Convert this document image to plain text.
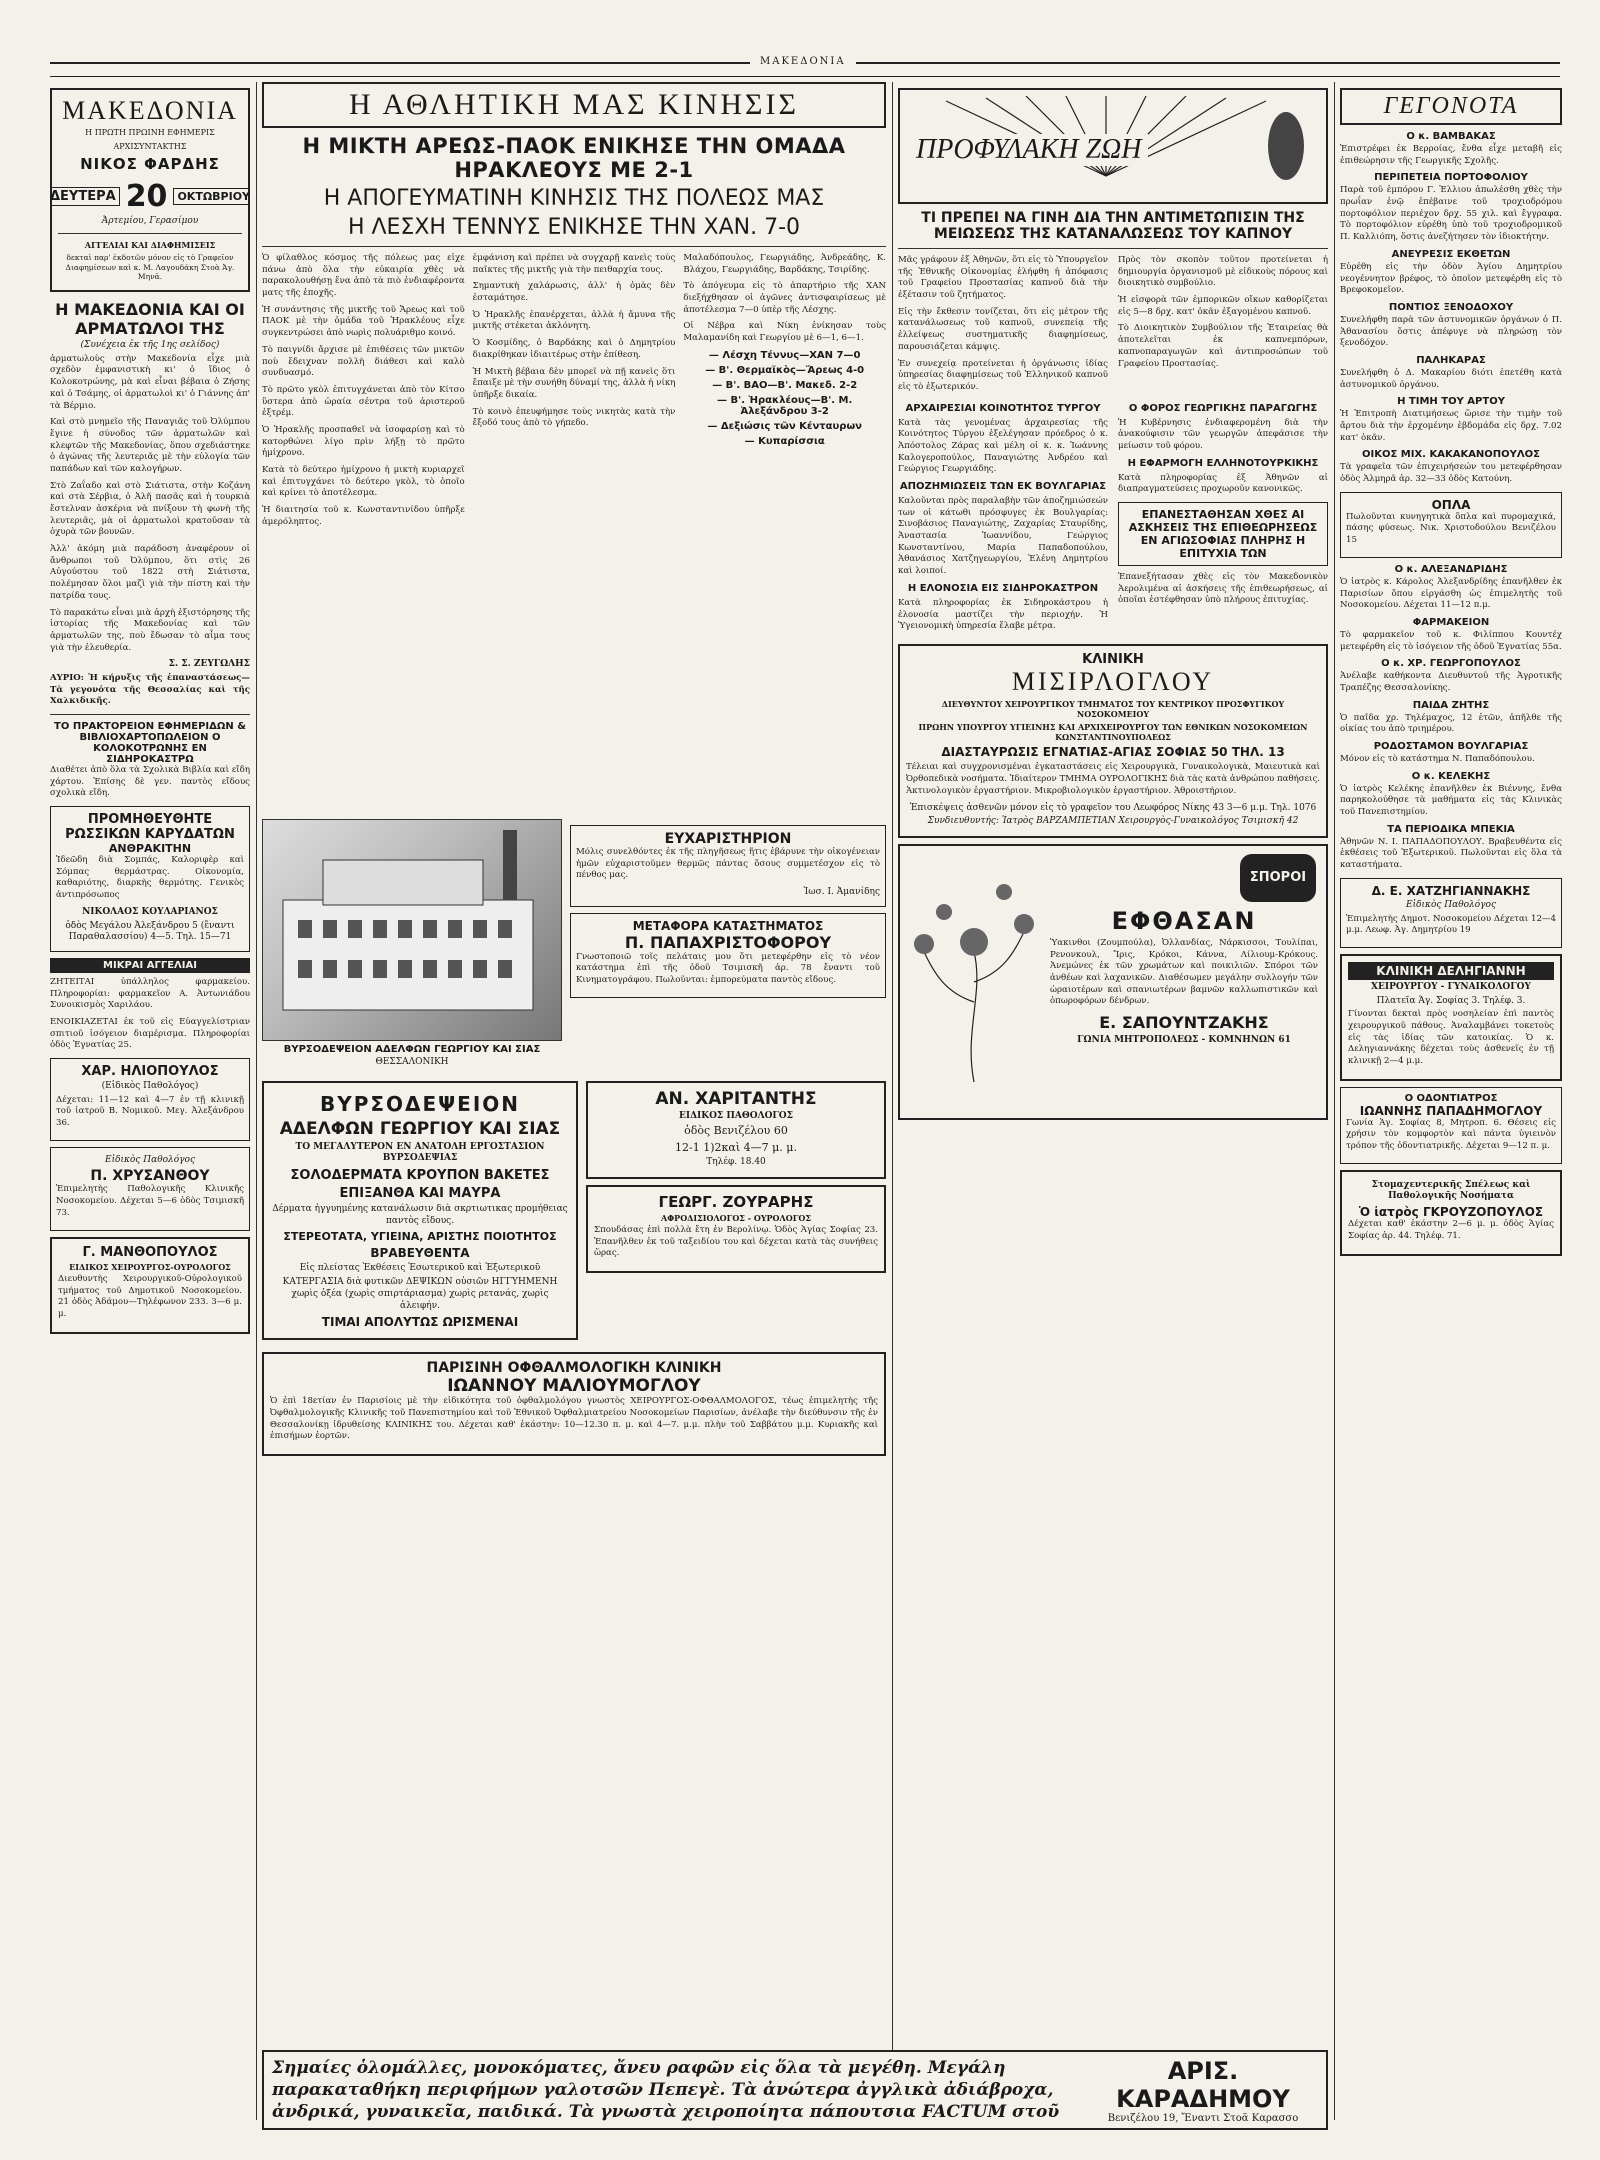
ΜΑΚΕΔΟΝΙΑ
ΜΑΚΕΔΟΝΙΑ
Η ΠΡΩΤΗ ΠΡΩΙΝΗ ΕΦΗΜΕΡΙΣ
ΑΡΧΙΣΥΝΤΑΚΤΗΣ
ΝΙΚΟΣ ΦΑΡΔΗΣ
ΔΕΥΤΕΡΑ 20 ΟΚΤΩΒΡΙΟΥ
Ἀρτεμίου, Γερασίμου
ΑΓΓΕΛΙΑΙ ΚΑΙ ΔΙΑΦΗΜΙΣΕΙΣ
δεκταὶ παρ' ἐκδοτῶν μόνον εἰς τὸ Γραφεῖον Διαφημίσεων καὶ κ. Μ. Λαγουδάκη Στοὰ Ἀγ. Μηνᾶ.
Η ΜΑΚΕΔΟΝΙΑ ΚΑΙ ΟΙ ΑΡΜΑΤΩΛΟΙ ΤΗΣ
(Συνέχεια ἐκ τῆς 1ης σελίδος)
ἀρματωλοὺς στὴν Μακεδονία εἶχε μιὰ σχεδὸν ἐμφανιστικὴ κι' ὁ ἴδιος ὁ Κολοκοτρώνης, μὰ καὶ εἶναι βέβαια ὁ Ζήσης καὶ ὁ Τσάμης, οἱ ἀρματωλοὶ κι' ὁ Γιάννης ἀπ' τὰ Βέρμιο.
Καὶ στὸ μνημεῖο τῆς Παναγιᾶς τοῦ Ὀλύμπου ἔγινε ἡ σύνοδος τῶν ἀρματωλῶν καὶ κλεφτῶν τῆς Μακεδονίας, ὅπου σχεδιάστηκε ὁ ἀγώνας τῆς λευτεριᾶς μὲ τὴν εὐλογία τῶν παπάδων καὶ τῶν καλογήρων.
Στὸ Ζαΐαδο καὶ στὸ Σιάτιστα, στὴν Κοζάνη καὶ στὰ Σέρβια, ὁ Ἀλῆ πασᾶς καὶ ἡ τουρκιὰ ἔστελναν ἀσκέρια νὰ πνίξουν τὴ φωνὴ τῆς λευτεριᾶς, μὰ οἱ ἀρματωλοὶ κρατοῦσαν τὰ ὀχυρὰ τῶν βουνῶν.
Ἀλλ' ἀκόμη μιὰ παράδοση ἀναφέρουν οἱ ἄνθρωποι τοῦ Ὀλύμπου, ὅτι στὶς 26 Αὐγούστου τοῦ 1822 στὴ Σιάτιστα, πολέμησαν ὅλοι μαζὶ γιὰ τὴν πίστη καὶ τὴν πατρίδα τους.
Τὸ παρακάτω εἶναι μιὰ ἀρχὴ ἐξιστόρησης τῆς ἱστορίας τῆς Μακεδονίας καὶ τῶν ἀρματωλῶν της, ποὺ ἔδωσαν τὸ αἷμα τους γιὰ τὴν ἐλευθερία.
Σ. Σ. ΖΕΥΓΩΛΗΣ
ΑΥΡΙΟ: Ἡ κήρυξις τῆς ἐπαναστάσεως—Τὰ γεγονότα τῆς Θεσσαλίας καὶ τῆς Χαλκιδικῆς.
ΤΟ ΠΡΑΚΤΟΡΕΙΟΝ ΕΦΗΜΕΡΙΔΩΝ & ΒΙΒΛΙΟΧΑΡΤΟΠΩΛΕΙΟΝ Ο ΚΟΛΟΚΟΤΡΩΝΗΣ ΕΝ ΣΙΔΗΡΟΚΑΣΤΡΩ
Διαθέτει ἀπὸ ὅλα τὰ Σχολικὰ Βιβλία καὶ εἴδη χάρτου. Ἐπίσης δὲ γεν. παντὸς εἴδους σχολικὰ εἴδη.
ΠΡΟΜΗΘΕΥΘΗΤΕ ΡΩΣΣΙΚΩΝ ΚΑΡΥΔΑΤΩΝ
ΑΝΘΡΑΚΙΤΗΝ
Ἰδεῶδη διὰ Σομπάς, Καλοριφὲρ καὶ Σόμπας θερμάστρας. Οἰκονομία, καθαριότης, διαρκὴς θερμότης. Γενικὸς ἀντιπρόσωπος
ΝΙΚΟΛΑΟΣ ΚΟΥΛΑΡΙΑΝΟΣ
ὁδὸς Μεγάλου Ἀλεξάνδρου 5 (ἔναντι Παραθαλασσίου) 4—5. Τηλ. 15—71
ΜΙΚΡΑΙ ΑΓΓΕΛΙΑΙ
ΖΗΤΕΙΤΑΙ ὑπάλληλος φαρμακείου. Πληροφορίαι: φαρμακεῖον Α. Ἀντωνιάδου Συνοικισμὸς Χαριλάου.
ΕΝΟΙΚΙΑΖΕΤΑΙ ἐκ τοῦ εἰς Εὐαγγελίστριαν σπιτιοῦ ἰσόγειον διαμέρισμα. Πληροφορίαι ὁδὸς Ἐγνατίας 25.
ΧΑΡ. ΗΛΙΟΠΟΥΛΟΣ
(Εἰδικὸς Παθολόγος)
Δέχεται: 11—12 καὶ 4—7 ἐν τῇ κλινικῇ τοῦ ἰατροῦ Β. Νομικοῦ. Μεγ. Ἀλεξάνδρου 36.
Εἰδικὸς Παθολόγος
Π. ΧΡΥΣΑΝΘΟΥ
Ἐπιμελητὴς Παθολογικῆς Κλινικῆς Νοσοκομείου. Δέχεται 5—6 ὁδὸς Τσιμισκῆ 73.
Γ. ΜΑΝΘΟΠΟΥΛΟΣ
ΕΙΔΙΚΟΣ ΧΕΙΡΟΥΡΓΟΣ-ΟΥΡΟΛΟΓΟΣ
Διευθυντὴς Χειρουργικοῦ-Οὐρολογικοῦ τμήματος τοῦ Δημοτικοῦ Νοσοκομείου. 21 ὁδὸς Ἀδάμου—Τηλέφωνον 233. 3—6 μ. μ.
Η ΑΘΛΗΤΙΚΗ ΜΑΣ ΚΙΝΗΣΙΣ
Η ΜΙΚΤΗ ΑΡΕΩΣ-ΠΑΟΚ ΕΝΙΚΗΣΕ ΤΗΝ ΟΜΑΔΑ ΗΡΑΚΛΕΟΥΣ ΜΕ 2-1
Η ΑΠΟΓΕΥΜΑΤΙΝΗ ΚΙΝΗΣΙΣ ΤΗΣ ΠΟΛΕΩΣ ΜΑΣ
Η ΛΕΣΧΗ ΤΕΝΝΥΣ ΕΝΙΚΗΣΕ ΤΗΝ ΧΑΝ. 7-0
Ὁ φίλαθλος κόσμος τῆς πόλεως μας εἶχε πάνω ἀπὸ ὅλα τὴν εὐκαιρία χθὲς νὰ παρακολουθήσῃ ἕνα ἀπὸ τὰ πιὸ ἐνδιαφέροντα ματς τῆς ἐποχῆς.
Ἡ συνάντησις τῆς μικτῆς τοῦ Ἄρεως καὶ τοῦ ΠΑΟΚ μὲ τὴν ὁμάδα τοῦ Ἡρακλέους εἶχε συγκεντρώσει ἀπὸ νωρὶς πολυάριθμο κοινό.
Τὸ παιγνίδι ἄρχισε μὲ ἐπιθέσεις τῶν μικτῶν ποὺ ἔδειχναν πολλὴ διάθεσι καὶ καλὸ συνδυασμό.
Τὸ πρῶτο γκὸλ ἐπιτυγχάνεται ἀπὸ τὸν Κίτσο ὕστερα ἀπὸ ὡραία σέντρα τοῦ ἀριστεροῦ ἐξτρέμ.
Ὁ Ἡρακλῆς προσπαθεῖ νὰ ἰσοφαρίσῃ καὶ τὸ κατορθώνει λίγο πρὶν λήξῃ τὸ πρῶτο ἡμίχρονο.
Κατὰ τὸ δεύτερο ἡμίχρονο ἡ μικτὴ κυριαρχεῖ καὶ ἐπιτυγχάνει τὸ δεύτερο γκὸλ, τὸ ὁποῖο καὶ κρίνει τὸ ἀποτέλεσμα.
Ἡ διαιτησία τοῦ κ. Κωνσταντινίδου ὑπῆρξε ἀμερόληπτος.
ἐμφάνιση καὶ πρέπει νὰ συγχαρῇ κανεὶς τοὺς παῖκτες τῆς μικτῆς γιὰ τὴν πειθαρχία τους.
Σημαντικὴ χαλάρωσις, ἀλλ' ἡ ὁμὰς δὲν ἐσταμάτησε.
Ὁ Ἡρακλῆς ἐπανέρχεται, ἀλλὰ ἡ ἄμυνα τῆς μικτῆς στέκεται ἀκλόνητη.
Ὁ Κοσμίδης, ὁ Βαρδάκης καὶ ὁ Δημητρίου διακρίθηκαν ἰδιαιτέρως στὴν ἐπίθεση.
Ἡ Μικτὴ βέβαια δὲν μπορεῖ νὰ πῇ κανεὶς ὅτι ἔπαιξε μὲ τὴν συνήθη δύναμί της, ἀλλὰ ἡ νίκη ὑπῆρξε δικαία.
Τὸ κοινὸ ἐπευφήμησε τοὺς νικητὰς κατὰ τὴν ἔξοδό τους ἀπὸ τὸ γήπεδο.
Μαλαδόπουλος, Γεωργιάδης, Ἀνδρεάδης, Κ. Βλάχου, Γεωργιάδης, Βαρδάκης, Τσιρίδης.
Τὸ ἀπόγευμα εἰς τὸ ἀπαρτήριο τῆς ΧΑΝ διεξήχθησαν οἱ ἀγῶνες ἀντισφαιρίσεως μὲ ἀποτέλεσμα 7—0 ὑπὲρ τῆς Λέσχης.
Οἱ Νέβρα καὶ Νίκη ἐνίκησαν τοὺς Μαλαμανίδη καὶ Γεωργίου μὲ 6—1, 6—1.
— Λέσχη Τέννυς—ΧΑΝ 7—0
— Β'. Θερμαϊκὸς—Ἄρεως 4-0
— Β'. ΒΑΟ—Β'. Μακεδ. 2-2
— Β'. Ἡρακλέους—Β'. Μ. Ἀλεξάνδρου 3-2
— Δεξιώσις τῶν Κένταυρων
— Κυπαρίσσια
ΒΥΡΣΟΔΕΨΕΙΟΝ ΑΔΕΛΦΩΝ ΓΕΩΡΓΙΟΥ ΚΑΙ ΣΙΑΣ
ΘΕΣΣΑΛΟΝΙΚΗ
ΕΥΧΑΡΙΣΤΗΡΙΟΝ
Μόλις συνελθόντες ἐκ τῆς πληγῆσεως ἥτις ἐβάρυνε τὴν οἰκογένειαν ἡμῶν εὐχαριστοῦμεν θερμῶς πάντας ὅσους συμμετέσχον εἰς τὸ πένθος μας.
Ἰωσ. Ι. Ἀμανίδης
ΜΕΤΑΦΟΡΑ ΚΑΤΑΣΤΗΜΑΤΟΣ
Π. ΠΑΠΑΧΡΙΣΤΟΦΟΡΟΥ
Γνωστοποιῶ τοῖς πελάταις μου ὅτι μετεφέρθην εἰς τὸ νέον κατάστημα ἐπὶ τῆς ὁδοῦ Τσιμισκῆ ἀρ. 78 ἔναντι τοῦ Κινηματογράφου. Πωλοῦνται: ἐμπορεύματα παντὸς εἴδους.
ΒΥΡΣΟΔΕΨΕΙΟΝ
ΑΔΕΛΦΩΝ ΓΕΩΡΓΙΟΥ ΚΑΙ ΣΙΑΣ
ΤΟ ΜΕΓΑΛΥΤΕΡΟΝ ΕΝ ΑΝΑΤΟΛΗ ΕΡΓΟΣΤΑΣΙΟΝ ΒΥΡΣΟΔΕΨΙΑΣ
ΣΟΛΟΔΕΡΜΑΤΑ ΚΡΟΥΠΟΝ ΒΑΚΕΤΕΣ
ΕΠΙΞΑΝΘΑ ΚΑΙ ΜΑΥΡΑ
Δέρματα ἠγγυημένης κατανάλωσιν διὰ σκρτιωτικας προμήθειας παντὸς εἴδους.
ΣΤΕΡΕΟΤΑΤΑ, ΥΓΙΕΙΝΑ, ΑΡΙΣΤΗΣ ΠΟΙΟΤΗΤΟΣ
ΒΡΑΒΕΥΘΕΝΤΑ
Εἰς πλείστας Ἐκθέσεις Ἐσωτερικοῦ καὶ Ἐξωτερικοῦ
ΚΑΤΕΡΓΑΣΙΑ διὰ φυτικῶν ΔΕΨΙΚΩΝ οὐσιῶν ΗΓΓΥΗΜΕΝΗ χωρὶς ὀξέα (χωρὶς σπιρτάριασμα) χωρὶς ρετανάς, χωρὶς ἀλειφήν.
ΤΙΜΑΙ ΑΠΟΛΥΤΩΣ ΩΡΙΣΜΕΝΑΙ
ΑΝ. ΧΑΡΙΤΑΝΤΗΣ
ΕΙΔΙΚΟΣ ΠΑΘΟΛΟΓΟΣ
ὁδὸς Βενιζέλου 60
12-1 1)2καὶ 4—7 μ. μ.
Τηλέφ. 18.40
ΓΕΩΡΓ. ΖΟΥΡΑΡΗΣ
ΑΦΡΟΔΙΣΙΟΛΟΓΟΣ - ΟΥΡΟΛΟΓΟΣ
Σπουδάσας ἐπὶ πολλὰ ἔτη ἐν Βερολίνῳ. Ὁδὸς Ἁγίας Σοφίας 23. Ἐπανῆλθεν ἐκ τοῦ ταξειδίου του καὶ δέχεται κατὰ τὰς συνήθεις ὥρας.
ΠΑΡΙΣΙΝΗ ΟΦΘΑΛΜΟΛΟΓΙΚΗ ΚΛΙΝΙΚΗ
ΙΩΑΝΝΟΥ ΜΑΛΙΟΥΜΟΓΛΟΥ
Ὁ ἐπὶ 18ετίαν ἐν Παρισίοις μὲ τὴν εἰδικότητα τοῦ ὀφθαλμολόγου γνωστὸς ΧΕΙΡΟΥΡΓΟΣ-ΟΦΘΑΛΜΟΛΟΓΟΣ, τέως ἐπιμελητὴς τῆς Ὀφθαλμολογικῆς Κλινικῆς τοῦ Πανεπιστημίου καὶ τοῦ Ἐθνικοῦ Ὀφθαλμιατρείου Νοσοκομείων Παρισίων, ἀνέλαβε τὴν διεύθυνσιν τῆς ἐν Θεσσαλονίκῃ ἱδρυθείσης ΚΛΙΝΙΚΗΣ του. Δέχεται καθ' ἑκάστην: 10—12.30 π. μ. καὶ 4—7. μ.μ. πλὴν τοῦ Σαββάτου μ.μ. Κυριακῆς καὶ ἐπισήμων ἑορτῶν.
ΠΡΟΦΥΛΑΚΗ ΖΩΗ
ΤΙ ΠΡΕΠΕΙ ΝΑ ΓΙΝΗ ΔΙΑ ΤΗΝ ΑΝΤΙΜΕΤΩΠΙΣΙΝ ΤΗΣ ΜΕΙΩΣΕΩΣ ΤΗΣ ΚΑΤΑΝΑΛΩΣΕΩΣ ΤΟΥ ΚΑΠΝΟΥ
Μᾶς γράφουν ἐξ Ἀθηνῶν, ὅτι εἰς τὸ Ὑπουργεῖον τῆς Ἐθνικῆς Οἰκονομίας ἐλήφθη ἡ ἀπόφασις τοῦ Γραφείου Προστασίας καπνοῦ διὰ τὴν ἐξέτασιν τοῦ ζητήματος.
Εἰς τὴν ἔκθεσιν τονίζεται, ὅτι εἰς μέτρον τῆς κατανάλωσεως τοῦ καπνοῦ, συνεπείᾳ τῆς ἐλλείψεως συστηματικῆς διαφημίσεως, παρουσιάζεται κάμψις.
Ἐν συνεχείᾳ προτείνεται ἡ ὀργάνωσις ἰδίας ὑπηρεσίας διαφημίσεως τοῦ Ἑλληνικοῦ καπνοῦ εἰς τὸ ἐξωτερικόν.
Πρὸς τὸν σκοπὸν τοῦτον προτείνεται ἡ δημιουργία ὀργανισμοῦ μὲ εἰδικοὺς πόρους καὶ διοικητικὸ συμβούλιο.
Ἡ εἰσφορὰ τῶν ἐμπορικῶν οἴκων καθορίζεται εἰς 5—8 δρχ. κατ' ὀκᾶν ἐξαγομένου καπνοῦ.
Τὸ Διοικητικὸν Συμβούλιον τῆς Ἑταιρείας θὰ ἀποτελεῖται ἐκ καπνεμπόρων, καπνοπαραγωγῶν καὶ ἀντιπροσώπων τοῦ Γραφείου Προστασίας.
ΑΡΧΑΙΡΕΣΙΑΙ ΚΟΙΝΟΤΗΤΟΣ ΤΥΡΓΟΥ
Κατὰ τὰς γενομένας ἀρχαιρεσίας τῆς Κοινότητος Τύργου ἐξελέγησαν πρόεδρος ὁ κ. Ἀπόστολος Ζάρας καὶ μέλη οἱ κ. κ. Ἰωάννης Καλογεροπούλος, Παναγιώτης Ἀνδρέου καὶ Γεώργιος Γεωργιάδης.
ΑΠΟΖΗΜΙΩΣΕΙΣ ΤΩΝ ΕΚ ΒΟΥΛΓΑΡΙΑΣ
Καλοῦνται πρὸς παραλαβὴν τῶν ἀποζημιώσεών των οἱ κάτωθι πρόσφυγες ἐκ Βουλγαρίας: Σινοβάσιος Παναγιώτης, Ζαχαρίας Σταυρίδης, Ἀναστασία Ἰωαννίδου, Γεώργιος Κωνσταντίνου, Μαρία Παπαδοπούλου, Ἀθανάσιος Χατζηγεωργίου, Ἐλένη Δημητρίου καὶ λοιποί.
Η ΕΛΟΝΟΣΙΑ ΕΙΣ ΣΙΔΗΡΟΚΑΣΤΡΟΝ
Κατὰ πληροφορίας ἐκ Σιδηροκάστρου ἡ ἐλονοσία μαστίζει τὴν περιοχήν. Ἡ Ὑγειονομικὴ ὑπηρεσία ἔλαβε μέτρα.
Ο ΦΟΡΟΣ ΓΕΩΡΓΙΚΗΣ ΠΑΡΑΓΩΓΗΣ
Ἡ Κυβέρνησις ἐνδιαφερομένη διὰ τὴν ἀνακούφισιν τῶν γεωργῶν ἀπεφάσισε τὴν μείωσιν τοῦ φόρου.
Η ΕΦΑΡΜΟΓΗ ΕΛΛΗΝΟΤΟΥΡΚΙΚΗΣ
Κατὰ πληροφορίας ἐξ Ἀθηνῶν αἱ διαπραγματεύσεις προχωροῦν κανονικῶς.
ΕΠΑΝΕΣΤΑΘΗΣΑΝ ΧΘΕΣ ΑΙ ΑΣΚΗΣΕΙΣ ΤΗΣ ΕΠΙΘΕΩΡΗΣΕΩΣ ΕΝ ΑΓΙΩΣΟΦΙΑΣ ΠΛΗΡΗΣ Η ΕΠΙΤΥΧΙΑ ΤΩΝ
Ἐπανεξήτασαν χθὲς εἰς τὸν Μακεδονικὸν Ἀερολιμένα αἱ ἀσκήσεις τῆς ἐπιθεωρήσεως, αἱ ὁποῖαι ἐστέφθησαν ὑπὸ πλήρους ἐπιτυχίας.
ΚΛΙΝΙΚΗ
ΜΙΣΙΡΛΟΓΛΟΥ
ΔΙΕΥΘΥΝΤΟΥ ΧΕΙΡΟΥΡΓΙΚΟΥ ΤΜΗΜΑΤΟΣ ΤΟΥ ΚΕΝΤΡΙΚΟΥ ΠΡΟΣΦΥΓΙΚΟΥ ΝΟΣΟΚΟΜΕΙΟΥ
ΠΡΩΗΝ ΥΠΟΥΡΓΟΥ ΥΓΙΕΙΝΗΣ ΚΑΙ ΑΡΧΙΧΕΙΡΟΥΡΓΟΥ ΤΩΝ ΕΘΝΙΚΩΝ ΝΟΣΟΚΟΜΕΙΩΝ ΚΩΝΣΤΑΝΤΙΝΟΥΠΟΛΕΩΣ
ΔΙΑΣΤΑΥΡΩΣΙΣ ΕΓΝΑΤΙΑΣ-ΑΓΙΑΣ ΣΟΦΙΑΣ 50 ΤΗΛ. 13
Τέλειαι καὶ συγχρονισμέναι ἐγκαταστάσεις εἰς Χειρουργικὰ, Γυναικολογικὰ, Μαιευτικὰ καὶ Ὀρθοπεδικὰ νοσήματα. Ἰδιαίτερον ΤΜΗΜΑ ΟΥΡΟΛΟΓΙΚΗΣ διὰ τὰς κατὰ ἀνθρώπου παθήσεις. Ἀκτινολογικὸν ἐργαστήριον. Μικροβιολογικὸν ἐργαστήριον. Ἀθροιστήριον.
Ἐπισκέψεις ἀσθενῶν μόνον εἰς τὸ γραφεῖον του Λεωφόρος Νίκης 43 3—6 μ.μ. Τηλ. 1076
Συνδιευθυντής: Ἰατρὸς ΒΑΡΖΑΜΠΕΤΙΑΝ Χειρουργὸς-Γυναικολόγος Τσιμισκῆ 42
ΣΠΟΡΟΙ
ΕΦΘΑΣΑΝ
Ὑακινθοι (Ζουμπούλα), Ὀλλανδίας, Νάρκισσοι, Τουλίπαι, Ρενονκουλ, Ἴρις, Κρόκοι, Κάννα, Λίλιουμ-Κρόκους. Ἀνεμώνες ἐκ τῶν χρωμάτων καὶ ποικιλιῶν. Σπόροι τῶν ἀνθέων καὶ λαχανικῶν. Διαθέσωμεν μεγάλην συλλογήν τῶν ὡραιοτέρων καὶ σπανιωτέρων βαμνῶν καλλωπιστικῶν καὶ ὀπωροφόρων δένδρων.
Ε. ΣΑΠΟΥΝΤΖΑΚΗΣ
ΓΩΝΙΑ ΜΗΤΡΟΠΟΛΕΩΣ - ΚΟΜΝΗΝΩΝ 61
ΓΕΓΟΝΟΤΑ
Ο κ. ΒΑΜΒΑΚΑΣ
Ἐπιστρέφει ἐκ Βερροίας, ἔνθα εἶχε μεταβῆ εἰς ἐπιθεώρησιν τῆς Γεωργικῆς Σχολῆς.
ΠΕΡΙΠΕΤΕΙΑ ΠΟΡΤΟΦΟΛΙΟΥ
Παρὰ τοῦ ἐμπόρου Γ. Ἐλλιου ἀπωλέσθη χθὲς τὴν πρωΐαν ἐνῷ ἐπέβαινε τοῦ τροχιοδρόμου πορτοφόλιον περιέχον δρχ. 55 χιλ. καὶ ἔγγραφα. Τὸ πορτοφόλιον εὑρέθη ὑπὸ τοῦ τροχιοδρομικοῦ Π. Καλλιόπη, ὅστις ἀνεζήτησεν τὸν ἰδιοκτήτην.
ΑΝΕΥΡΕΣΙΣ ΕΚΘΕΤΩΝ
Εὑρέθη εἰς τὴν ὁδὸν Ἀγίου Δημητρίου νεογέννητον βρέφος, τὸ ὁποῖον μετεφέρθη εἰς τὸ Βρεφοκομεῖον.
ΠΟΝΤΙΟΣ ΞΕΝΟΔΟΧΟΥ
Συνελήφθη παρὰ τῶν ἀστυνομικῶν ὀργάνων ὁ Π. Ἀθανασίου ὅστις ἀπέφυγε νὰ πληρώσῃ τὸν ξενοδόχον.
ΠΑΛΗΚΑΡΑΣ
Συνελήφθη ὁ Δ. Μακαρίου διότι ἐπετέθη κατὰ ἀστυνομικοῦ ὀργάνου.
Η ΤΙΜΗ ΤΟΥ ΑΡΤΟΥ
Ἡ Ἐπιτροπὴ Διατιμήσεως ὥρισε τὴν τιμὴν τοῦ ἄρτου διὰ τὴν ἐρχομένην ἑβδομάδα εἰς δρχ. 7.02 κατ' ὀκᾶν.
ΟΙΚΟΣ ΜΙΧ. ΚΑΚΑΚΑΝΟΠΟΥΛΟΣ
Τὰ γραφεῖα τῶν ἐπιχειρήσεών του μετεφέρθησαν ὁδὸς Ἀλμηρᾶ ἀρ. 32—33 ὁδὸς Κατούνη.
ΟΠΛΑ
Πωλοῦνται κυνηγητικὰ ὅπλα καὶ πυρομαχικά, πάσης φύσεως. Νικ. Χριστοδούλου Βενιζέλου 15
Ο κ. ΑΛΕΞΑΝΔΡΙΔΗΣ
Ὁ ἰατρὸς κ. Κάρολος Ἀλεξανδρίδης ἐπανῆλθεν ἐκ Παρισίων ὅπου εἰργάσθη ὡς ἐπιμελητὴς τοῦ Νοσοκομείου. Δέχεται 11—12 π.μ.
ΦΑΡΜΑΚΕΙΟΝ
Τὸ φαρμακεῖον τοῦ κ. Φιλίππου Κουντέχ μετεφέρθη εἰς τὸ ἰσόγειον τῆς ὁδοῦ Ἐγνατίας 55α.
Ο κ. ΧΡ. ΓΕΩΡΓΟΠΟΥΛΟΣ
Ἀνέλαβε καθήκοντα Διευθυντοῦ τῆς Ἀγροτικῆς Τραπέζης Θεσσαλονίκης.
ΠΑΙΔΑ ΖΗΤΗΣ
Ὁ παῖδα χρ. Τηλέμαχος, 12 ἐτῶν, ἀπῆλθε τῆς οἰκίας του ἀπὸ τριημέρου.
ΡΟΔΟΣΤΑΜΟΝ ΒΟΥΛΓΑΡΙΑΣ
Μόνον εἰς τὸ κατάστημα Ν. Παπαδόπουλου.
Ο κ. ΚΕΛΕΚΗΣ
Ὁ ἰατρὸς Κελέκης ἐπανῆλθεν ἐκ Βιέννης, ἔνθα παρηκολούθησε τὰ μαθήματα εἰς τὰς Κλινικὰς τοῦ Πανεπιστημίου.
ΤΑ ΠΕΡΙΟΔΙΚΑ ΜΠΕΚΙΑ
Ἀθηνῶν Ν. Ι. ΠΑΠΑΔΟΠΟΥΛΟΥ. Βραβευθέντα εἰς ἐκθέσεις τοῦ Ἐξωτερικοῦ. Πωλοῦνται εἰς ὅλα τὰ καταστήματα.
Δ. Ε. ΧΑΤΖΗΓΙΑΝΝΑΚΗΣ
Εἰδικὸς Παθολόγος
Ἐπιμελητὴς Δημοτ. Νοσοκομείου Δέχεται 12—4 μ.μ. Λεωφ. Ἀγ. Δημητρίου 19
ΚΛΙΝΙΚΗ ΔΕΛΗΓΙΑΝΝΗ
ΧΕΙΡΟΥΡΓΟΥ - ΓΥΝΑΙΚΟΛΟΓΟΥ
Πλατεῖα Ἁγ. Σοφίας 3. Τηλέφ. 3.
Γίνονται δεκταὶ πρὸς νοσηλείαν ἐπὶ παντὸς χειρουργικοῦ πάθους. Ἀναλαμβάνει τοκετοὺς εἰς τὰς ἰδίας τῶν κατοικίας. Ὁ κ. Δεληγιαννάκης δέχεται τοὺς ἀσθενεῖς ἐν τῇ κλινικῇ 2—4 μ.μ.
Ο ΟΔΟΝΤΙΑΤΡΟΣ
ΙΩΑΝΝΗΣ ΠΑΠΑΔΗΜΟΓΛΟΥ
Γωνία Ἁγ. Σοφίας 8, Μητροπ. 6. Θέσεις εἰς χρήσιν τὸν κομφορτὸν καὶ πάντα ὑγιεινὸν τρόπον τῆς ὀδοντιατρικῆς. Δέχεται 9—12 π. μ.
Στομαχεντερικῆς Σπέλεως καὶ Παθολογικῆς Νοσήματα
Ὁ ἰατρὸς ΓΚΡΟΥΖΟΠΟΥΛΟΣ
Δέχεται καθ' ἑκάστην 2—6 μ. μ. ὁδὸς Ἁγίας Σοφίας ἀρ. 44. Τηλέφ. 71.
Σημαίες ὁλομάλλες, μονοκόματες, ἄνευ ραφῶν εἰς ὅλα τὰ μεγέθη. Μεγάλη παρακαταθήκη περιφήμων γαλοτσῶν Πεπεγὲ. Τὰ ἀνώτερα ἀγγλικὰ ἀδιάβροχα, ἀνδρικά, γυναικεῖα, παιδικά. Τὰ γνωστὰ χειροποίητα πάπουτσια FACTUM στοῦ
ΑΡΙΣ. ΚΑΡΑΔΗΜΟΥ
Βενιζέλου 19, Ἔναντι Στοᾶ Καρασσο
